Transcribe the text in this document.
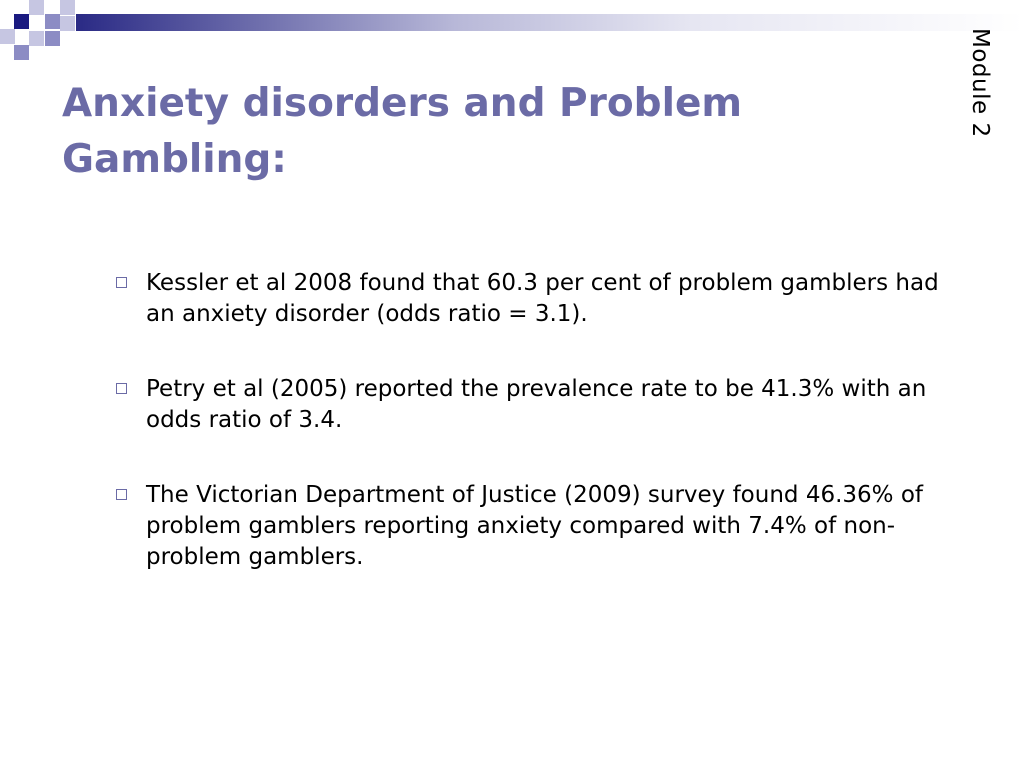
Anxiety disorders and Problem Gambling:
Module 2
Kessler et al 2008 found that 60.3 per cent of problem gamblers had an anxiety disorder (odds ratio = 3.1).
Petry et al (2005) reported the prevalence rate to be 41.3% with an odds ratio of 3.4.
The Victorian Department of Justice (2009) survey found 46.36% of problem gamblers reporting anxiety compared with 7.4% of non-problem gamblers.
